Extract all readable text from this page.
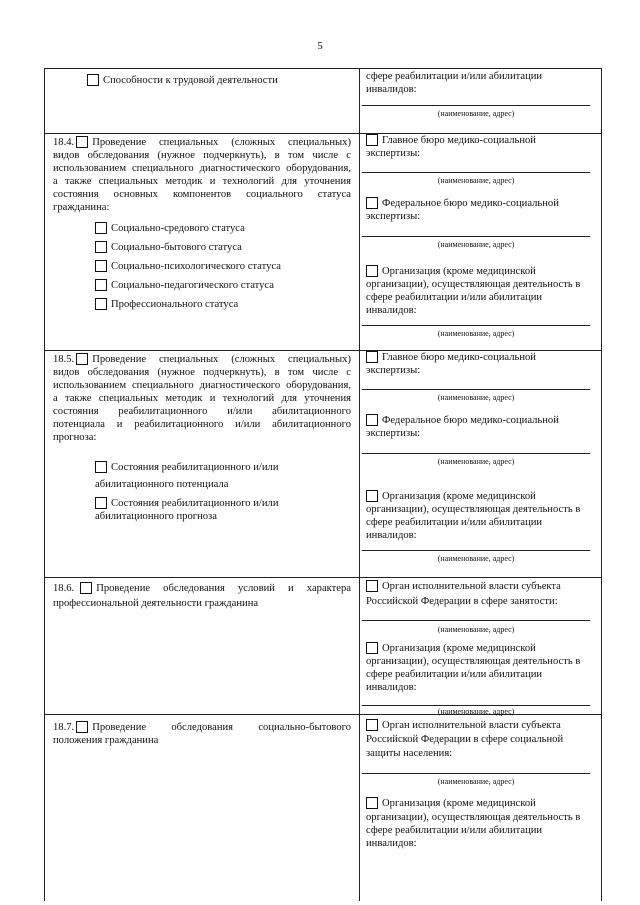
5
Способности к трудовой деятельности	сфере реабилитации и/или абилитации
инвалидов:
(наименование, адрес)
18.4. Проведение специальных (сложных специальных)
видов обследования (нужное подчеркнуть), в том числе с
использованием специального диагностического оборудования,
а также специальных методик и технологий для уточнения
состояния основных компонентов социального статуса
гражданина:
Социально-средового статуса
Социально-бытового статуса
Социально-психологического статуса
Социально-педагогического статуса
Профессионального статуса
Главное бюро медико-социальной
экспертизы:
(наименование, адрес)
Федеральное бюро медико-социальной
экспертизы:
(наименование, адрес)
Организация (кроме медицинской
организации), осуществляющая деятельность в
сфере реабилитации и/или абилитации
инвалидов:
(наименование, адрес)
18.5. Проведение специальных (сложных специальных)
видов обследования (нужное подчеркнуть), в том числе с
использованием специального диагностического оборудования,
а также специальных методик и технологий для уточнения
состояния реабилитационного и/или абилитационного
потенциала и реабилитационного и/или абилитационного
прогноза:
Состояния реабилитационного и/или
абилитационного потенциала
Состояния реабилитационного и/или
абилитационного прогноза
Главное бюро медико-социальной
экспертизы:
(наименование, адрес)
Федеральное бюро медико-социальной
экспертизы:
(наименование, адрес)
Организация (кроме медицинской
организации), осуществляющая деятельность в
сфере реабилитации и/или абилитации
инвалидов:
(наименование, адрес)
18.6. Проведение обследования условий и характера
профессиональной деятельности гражданина
Орган исполнительной власти субъекта
Российской Федерации в сфере занятости:
(наименование, адрес)
Организация (кроме медицинской
организации), осуществляющая деятельность в
сфере реабилитации и/или абилитации
инвалидов:
(наименование, адрес)
18.7. Проведение обследования социально-бытового
положения гражданина
Орган исполнительной власти субъекта
Российской Федерации в сфере социальной
защиты населения:
(наименование, адрес)
Организация (кроме медицинской
организации), осуществляющая деятельность в
сфере реабилитации и/или абилитации
инвалидов:
